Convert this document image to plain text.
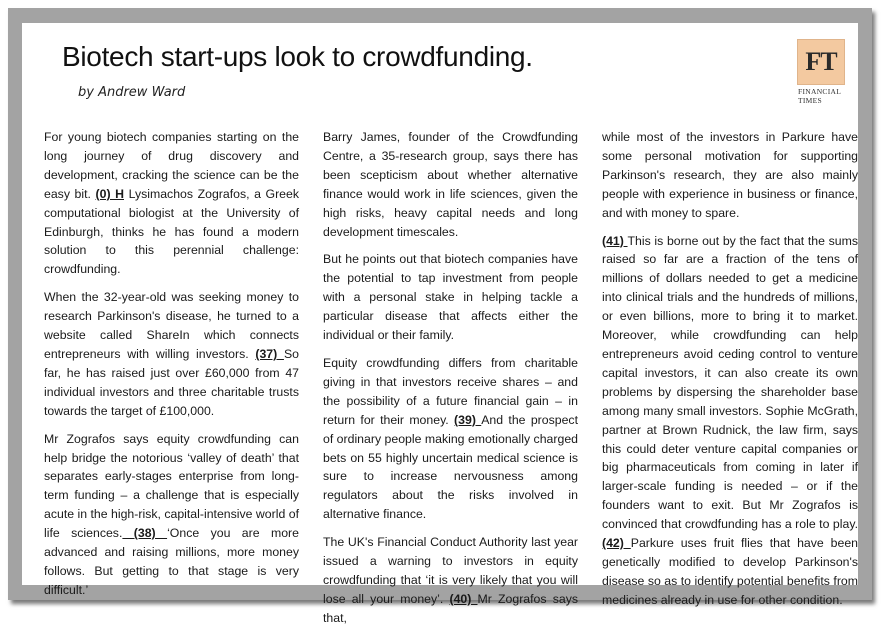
Biotech start-ups look to crowdfunding.
by Andrew Ward
FT
FINANCIAL
TIMES

For young biotech companies starting on the long journey of drug discovery and development, cracking the science can be the easy bit. (0) H Lysimachos Zografos, a Greek computational biologist at the University of Edinburgh, thinks he has found a modern solution to this perennial challenge: crowdfunding.

When the 32-year-old was seeking money to research Parkinson's disease, he turned to a website called ShareIn which connects entrepreneurs with willing investors. (37) So far, he has raised just over £60,000 from 47 individual investors and three charitable trusts towards the target of £100,000.

Mr Zografos says equity crowdfunding can help bridge the notorious ‘valley of death’ that separates early-stages enterprise from long-term funding – a challenge that is especially acute in the high-risk, capital-intensive world of life sciences. (38) ‘Once you are more advanced and raising millions, more money follows. But getting to that stage is very difficult.’

Barry James, founder of the Crowdfunding Centre, a 35-research group, says there has been scepticism about whether alternative finance would work in life sciences, given the high risks, heavy capital needs and long development timescales.

But he points out that biotech companies have the potential to tap investment from people with a personal stake in helping tackle a particular disease that affects either the individual or their family.

Equity crowdfunding differs from charitable giving in that investors receive shares – and the possibility of a future financial gain – in return for their money. (39) And the prospect of ordinary people making emotionally charged bets on 55 highly uncertain medical science is sure to increase nervousness among regulators about the risks involved in alternative finance.

The UK's Financial Conduct Authority last year issued a warning to investors in equity crowdfunding that ‘it is very likely that you will lose all your money’. (40) Mr Zografos says that,

while most of the investors in Parkure have some personal motivation for supporting Parkinson's research, they are also mainly people with experience in business or finance, and with money to spare.

(41) This is borne out by the fact that the sums raised so far are a fraction of the tens of millions of dollars needed to get a medicine into clinical trials and the hundreds of millions, or even billions, more to bring it to market. Moreover, while crowdfunding can help entrepreneurs avoid ceding control to venture capital investors, it can also create its own problems by dispersing the shareholder base among many small investors. Sophie McGrath, partner at Brown Rudnick, the law firm, says this could deter venture capital companies or big pharmaceuticals from coming in later if larger-scale funding is needed – or if the founders want to exit. But Mr Zografos is convinced that crowdfunding has a role to play. (42) Parkure uses fruit flies that have been genetically modified to develop Parkinson's disease so as to identify potential benefits from medicines already in use for other condition.
